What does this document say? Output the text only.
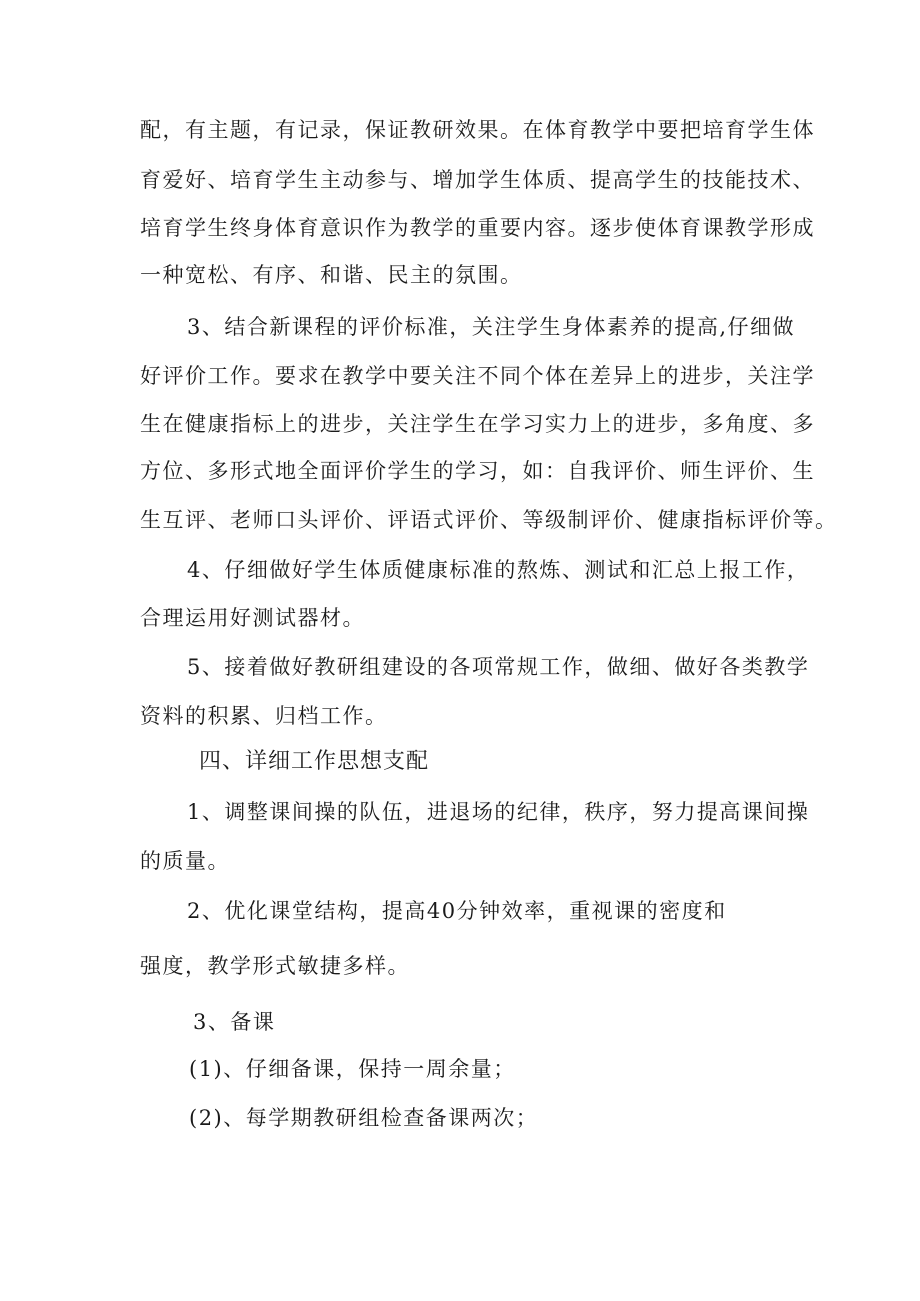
配，有主题，有记录，保证教研效果。在体育教学中要把培育学生体
育爱好、培育学生主动参与、增加学生体质、提高学生的技能技术、
培育学生终身体育意识作为教学的重要内容。逐步使体育课教学形成
一种宽松、有序、和谐、民主的氛围。
3、结合新课程的评价标准，关注学生身体素养的提高,仔细做
好评价工作。要求在教学中要关注不同个体在差异上的进步，关注学
生在健康指标上的进步，关注学生在学习实力上的进步，多角度、多
方位、多形式地全面评价学生的学习，如：自我评价、师生评价、生
生互评、老师口头评价、评语式评价、等级制评价、健康指标评价等。
4、仔细做好学生体质健康标准的熬炼、测试和汇总上报工作，
合理运用好测试器材。
5、接着做好教研组建设的各项常规工作，做细、做好各类教学
资料的积累、归档工作。
四、详细工作思想支配
1、调整课间操的队伍，进退场的纪律，秩序，努力提高课间操
的质量。
2、优化课堂结构，提高40分钟效率，重视课的密度和
强度，教学形式敏捷多样。
3、备课
(1)、仔细备课，保持一周余量；
(2)、每学期教研组检查备课两次；
